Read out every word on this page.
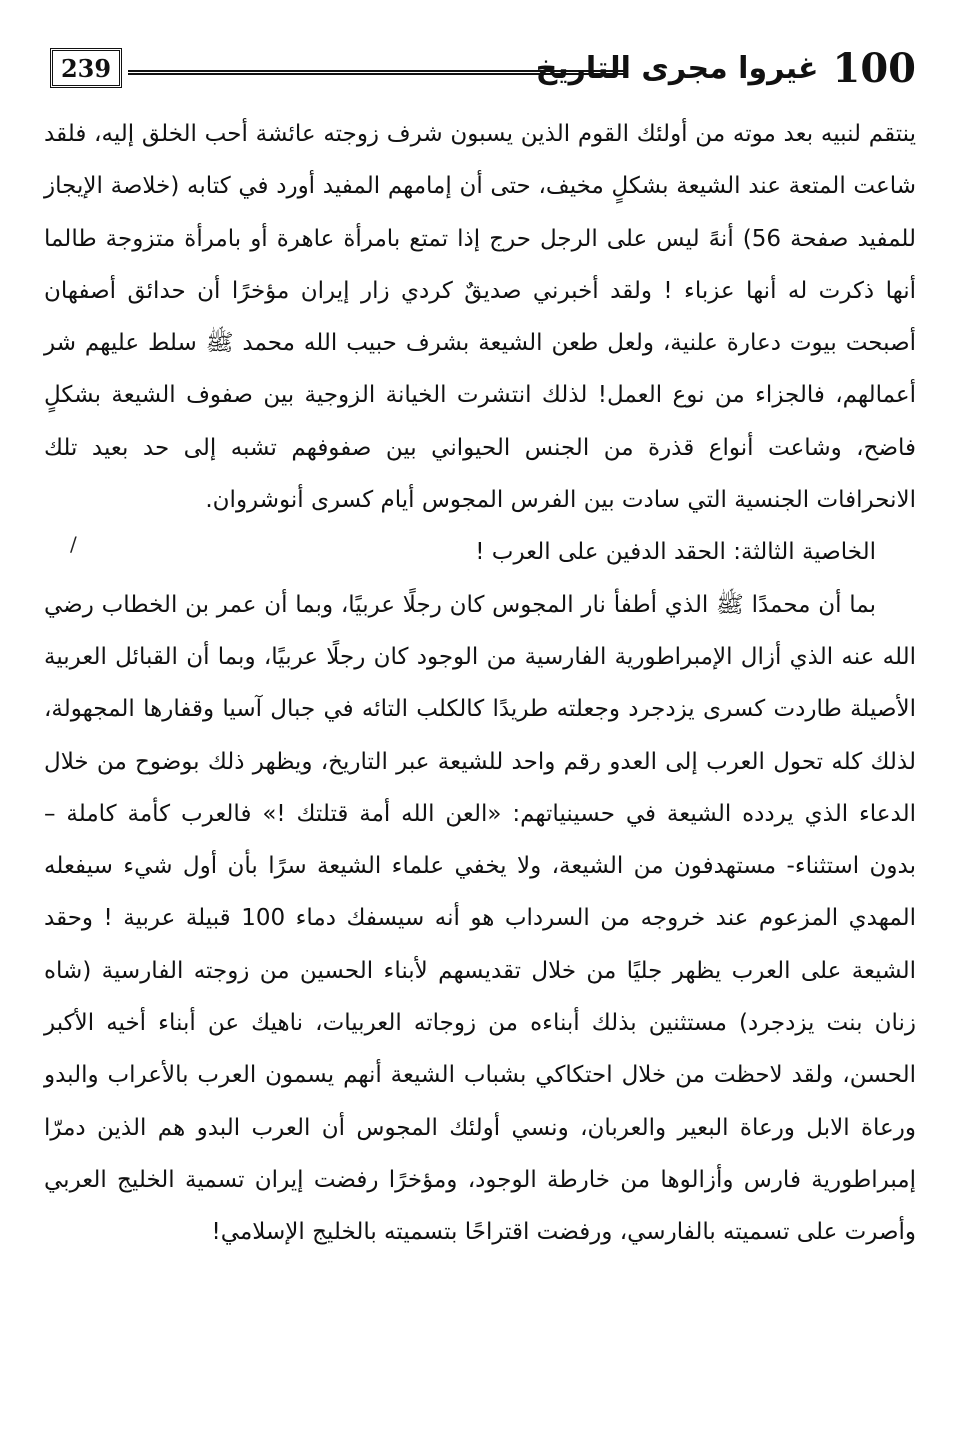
239	100
غيروا مجرى التاريخ

ينتقم لنبيه بعد موته من أولئك القوم الذين يسبون شرف زوجته عائشة أحب الخلق إليه، فلقد شاعت المتعة عند الشيعة بشكلٍ مخيف، حتى أن إمامهم المفيد أورد في كتابه (خلاصة الإيجاز للمفيد صفحة 56) أنهً ليس على الرجل حرج إذا تمتع بامرأة عاهرة أو بامرأة متزوجة طالما أنها ذكرت له أنها عزباء ! ولقد أخبرني صديقٌ كردي زار إيران مؤخرًا أن حدائق أصفهان أصبحت بيوت دعارة علنية، ولعل طعن الشيعة بشرف حبيب الله محمد ﷺ سلط عليهم شر أعمالهم، فالجزاء من نوع العمل! لذلك انتشرت الخيانة الزوجية بين صفوف الشيعة بشكلٍ فاضح، وشاعت أنواع قذرة من الجنس الحيواني بين صفوفهم تشبه إلى حد بعيد تلك الانحرافات الجنسية التي سادت بين الفرس المجوس أيام كسرى أنوشروان.

الخاصية الثالثة: الحقد الدفين على العرب !

بما أن محمدًا ﷺ الذي أطفأ نار المجوس كان رجلًا عربيًا، وبما أن عمر بن الخطاب رضي الله عنه الذي أزال الإمبراطورية الفارسية من الوجود كان رجلًا عربيًا، وبما أن القبائل العربية الأصيلة طاردت كسرى يزدجرد وجعلته طريدًا كالكلب التائه في جبال آسيا وقفارها المجهولة، لذلك كله تحول العرب إلى العدو رقم واحد للشيعة عبر التاريخ، ويظهر ذلك بوضوح من خلال الدعاء الذي يردده الشيعة في حسينياتهم: «العن الله أمة قتلتك !» فالعرب كأمة كاملة – بدون استثناء- مستهدفون من الشيعة، ولا يخفي علماء الشيعة سرًا بأن أول شيء سيفعله المهدي المزعوم عند خروجه من السرداب هو أنه سيسفك دماء 100 قبيلة عربية ! وحقد الشيعة على العرب يظهر جليًا من خلال تقديسهم لأبناء الحسين من زوجته الفارسية (شاه زنان بنت يزدجرد) مستثنين بذلك أبناءه من زوجاته العربيات، ناهيك عن أبناء أخيه الأكبر الحسن، ولقد لاحظت من خلال احتكاكي بشباب الشيعة أنهم يسمون العرب بالأعراب والبدو ورعاة الابل ورعاة البعير والعربان، ونسي أولئك المجوس أن العرب البدو هم الذين دمرّا إمبراطورية فارس وأزالوها من خارطة الوجود، ومؤخرًا رفضت إيران تسمية الخليج العربي وأصرت على تسميته بالفارسي، ورفضت اقتراحًا بتسميته بالخليج الإسلامي!

/
